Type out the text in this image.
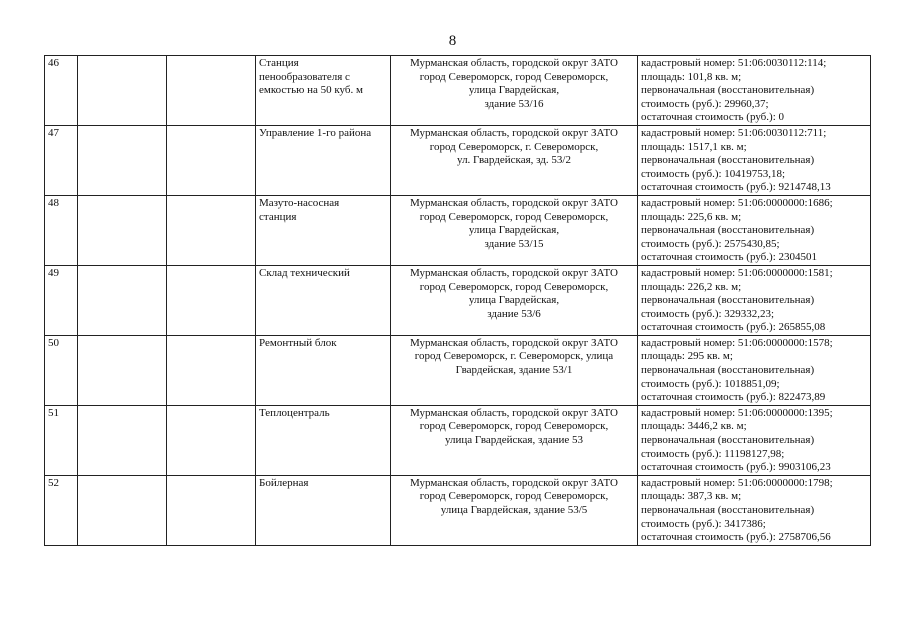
8
46			Станция
пенообразователя с
емкостью на 50 куб. м	Мурманская область, городской округ ЗАТО
город Североморск, город Североморск,
улица Гвардейская,
здание 53/16	кадастровый номер: 51:06:0030112:114;
площадь: 101,8 кв. м;
первоначальная (восстановительная)
стоимость (руб.): 29960,37;
остаточная стоимость (руб.): 0
47			Управление 1-го района	Мурманская область, городской округ ЗАТО
город Североморск, г. Североморск,
ул. Гвардейская, зд. 53/2	кадастровый номер: 51:06:0030112:711;
площадь: 1517,1 кв. м;
первоначальная (восстановительная)
стоимость (руб.): 10419753,18;
остаточная стоимость (руб.): 9214748,13
48			Мазуто-насосная
станция	Мурманская область, городской округ ЗАТО
город Североморск, город Североморск,
улица Гвардейская,
здание 53/15	кадастровый номер: 51:06:0000000:1686;
площадь: 225,6 кв. м;
первоначальная (восстановительная)
стоимость (руб.): 2575430,85;
остаточная стоимость (руб.): 2304501
49			Склад технический	Мурманская область, городской округ ЗАТО
город Североморск, город Североморск,
улица Гвардейская,
здание 53/6	кадастровый номер: 51:06:0000000:1581;
площадь: 226,2 кв. м;
первоначальная (восстановительная)
стоимость (руб.): 329332,23;
остаточная стоимость (руб.): 265855,08
50			Ремонтный блок	Мурманская область, городской округ ЗАТО
город Североморск, г. Североморск, улица
Гвардейская, здание 53/1	кадастровый номер: 51:06:0000000:1578;
площадь: 295 кв. м;
первоначальная (восстановительная)
стоимость (руб.): 1018851,09;
остаточная стоимость (руб.): 822473,89
51			Теплоцентраль	Мурманская область, городской округ ЗАТО
город Североморск, город Североморск,
улица Гвардейская, здание 53	кадастровый номер: 51:06:0000000:1395;
площадь: 3446,2 кв. м;
первоначальная (восстановительная)
стоимость (руб.): 11198127,98;
остаточная стоимость (руб.): 9903106,23
52			Бойлерная	Мурманская область, городской округ ЗАТО
город Североморск, город Североморск,
улица Гвардейская, здание 53/5	кадастровый номер: 51:06:0000000:1798;
площадь: 387,3 кв. м;
первоначальная (восстановительная)
стоимость (руб.): 3417386;
остаточная стоимость (руб.): 2758706,56
